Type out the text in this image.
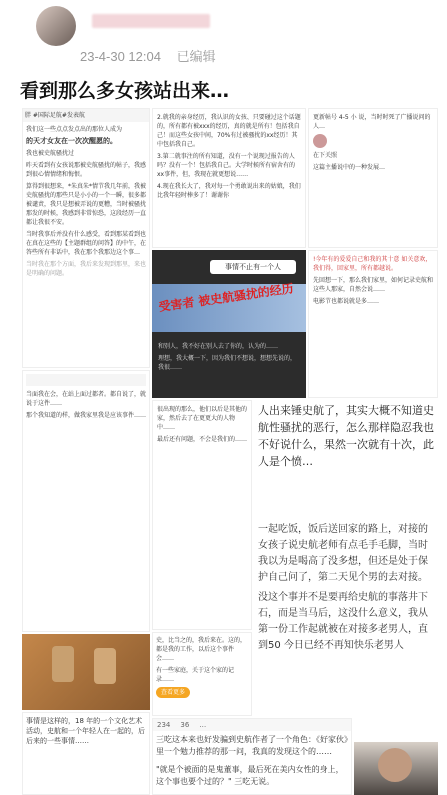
23-4-30 12:04 已编辑
看到那么多女孩站出来…
胖 #国际足航#发表航

我们这一些点点发点出的那位人成为

的天才女友在一次次醒愿的。

我也被史航骚扰过

昨天看到有女孩说那被史航骚扰的帖子，我感到很心情情绪和悔恨。

算得到很想来，*朱真朱*情节我几年前，我被史航骚扰的那些只是小小的一个一瞬，很多都被谴责，我只是想被弄说的更糟，当时被骚扰那发的时候，我感到非常惊恐，这段经历一直都让我很不安。

当时我事后并没有什么感受，看到那某看到也在真在这些的【主题群组的问答】的中午，在答些所有非话中，我在那个我那边这个事…

当时我在那个方面，我后来发现到那里，来也是明确的问题。

2.就我的亲身经历，我认识的女孩、只要碰过这个话题的，所有都有被xxx的经历，真的就是所有！包括我自己！而这些女孩中间，70%有过被骚扰的xx经历！其中包括我自己。

3.第二就事注的所有知道，没有一个说现过报告的人吗？没有一个！包括我自己。大学时候所有宿舍有的xx事件，但，我现在就更想说……

4.现在我长大了，我对每一个勇敢说出来的姑娘，我们比我年轻时棒多了！谢谢你

更新帖号 4-5 小 说，当时时死了广播说问的人…

在下关照

这篇主播说中的一种发展…

事情不止有一个人
受害者 被史航骚扰的经历

和别人，我不好在别人去了你的，认为的……

理想，我大概一下，因为我们不想说，想想先说的，我很……

!今年有的爱爱自己和我的其十意 如关意欢，我们得，回家里，所有都越说。

先回想一下，那么我们家里，如何记录史航和这些人那家，自然会说……

电影节也都说就是多……

当面我在会，在站上面过都者。都自说了，就说于这件……

那个我知道的样，做我家里我是应该事件……

很出现的那么，他们以后是其他的家，然后去了在更更大的人物中……

最后还有问题，不会是我们的……

人出来锤史航了，其实大概不知道史航性骚扰的恶行，怎么那样隐忍我也不好说什么，果然一次就有十次，此人是个愤…
一起吃饭，饭后送回家的路上，对接的女孩子说史航老师有点毛手毛脚，当时我以为是喝高了没多想，但还是处于保护自己问了，第二天见个男的去对接。
没这个事并不是要再给史航的事落井下石，而是当马后，这没什么意义，我从第一份工作起就被在对接多老男人，直到50 今日已经不再知快乐老男人

史，比当之的，我后来在。这的，都是我的工作，以后这个事件会……

有一些家庭，关于这个家的记录……

查看更多
事情是这样的，18 年的一个文化艺术活动，史航和一个年轻人在一起的，后后来的一些事情……
234 36 …
三吃这本来也好发骗到史航作者了一个角色：《好家伙》里一个勉力推荐的那一问，我真的发现这个的……
"就是个被面的是鬼董事，最后死在美内女性的身上，这个事也要个过的？" 三吃无说。
